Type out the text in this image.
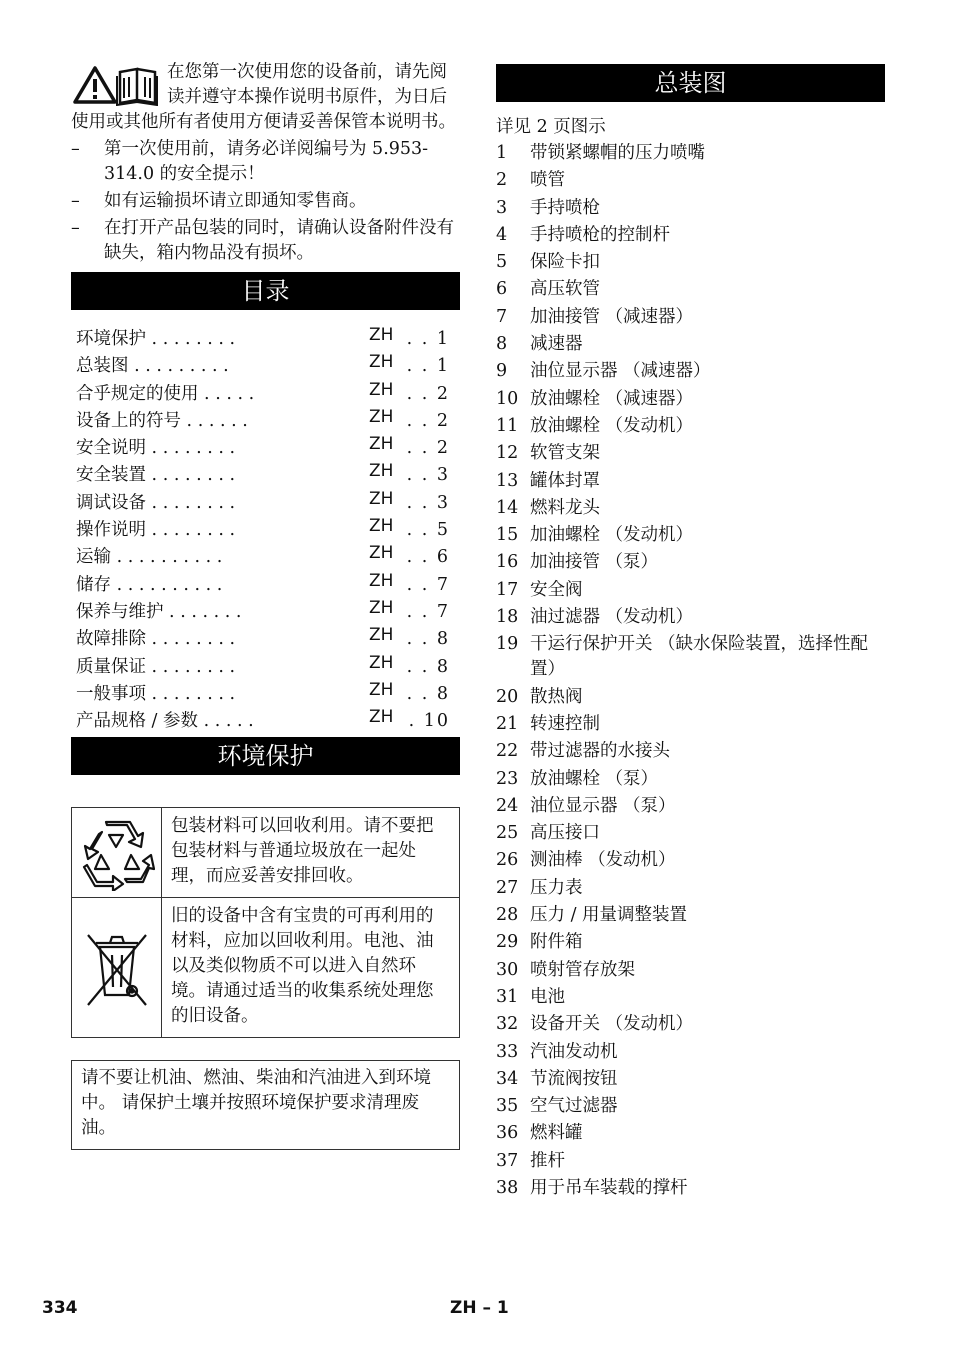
在您第一次使用您的设备前，请先阅读并遵守本操作说明书原件，为日后使用或其他所有者使用方便请妥善保管本说明书。

– 第一次使用前，请务必详阅编号为 5.953-314.0 的安全提示！
– 如有运输损坏请立即通知零售商。
– 在打开产品包装的同时，请确认设备附件没有缺失，箱内物品没有损坏。
目录
环境保护 . . . . . . . .	ZH . . 1
总装图 . . . . . . . . .	ZH . . 1
合乎规定的使用 . . . . .	ZH . . 2
设备上的符号 . . . . . .	ZH . . 2
安全说明 . . . . . . . .	ZH . . 2
安全装置 . . . . . . . .	ZH . . 3
调试设备 . . . . . . . .	ZH . . 3
操作说明 . . . . . . . .	ZH . . 5
运输 . . . . . . . . . .	ZH . . 6
储存 . . . . . . . . . .	ZH . . 7
保养与维护 . . . . . . .	ZH . . 7
故障排除 . . . . . . . .	ZH . . 8
质量保证 . . . . . . . .	ZH . . 8
一般事项 . . . . . . . .	ZH . . 8
产品规格 / 参数 . . . . .	ZH . 10
环境保护
包装材料可以回收利用。请不要把包装材料与普通垃圾放在一起处理，而应妥善安排回收。
旧的设备中含有宝贵的可再利用的材料，应加以回收利用。电池、油以及类似物质不可以进入自然环境。请通过适当的收集系统处理您的旧设备。
请不要让机油、燃油、柴油和汽油进入到环境中。 请保护土壤并按照环境保护要求清理废油。
总装图
详见 2 页图示
1 带锁紧螺帽的压力喷嘴
2 喷管
3 手持喷枪
4 手持喷枪的控制杆
5 保险卡扣
6 高压软管
7 加油接管 （减速器）
8 减速器
9 油位显示器 （减速器）
10 放油螺栓 （减速器）
11 放油螺栓 （发动机）
12 软管支架
13 罐体封罩
14 燃料龙头
15 加油螺栓 （发动机）
16 加油接管 （泵）
17 安全阀
18 油过滤器 （发动机）
19 干运行保护开关 （缺水保险装置，选择性配置）
20 散热阀
21 转速控制
22 带过滤器的水接头
23 放油螺栓 （泵）
24 油位显示器 （泵）
25 高压接口
26 测油棒 （发动机）
27 压力表
28 压力 / 用量调整装置
29 附件箱
30 喷射管存放架
31 电池
32 设备开关 （发动机）
33 汽油发动机
34 节流阀按钮
35 空气过滤器
36 燃料罐
37 推杆
38 用于吊车装载的撑杆
334	ZH – 1
